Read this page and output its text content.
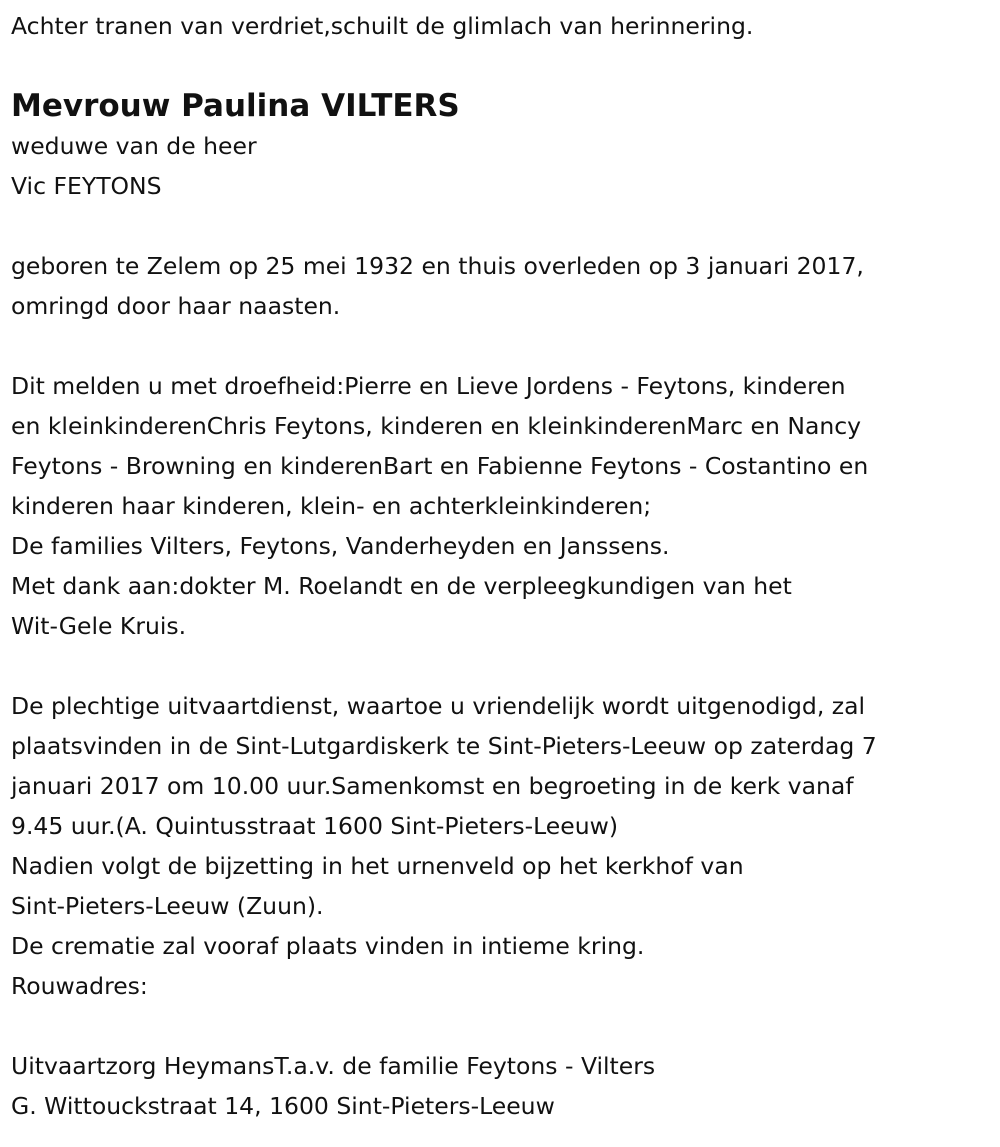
Achter tranen van verdriet,schuilt de glimlach van herinnering.
Mevrouw Paulina VILTERS
weduwe van de heer
Vic FEYTONS
geboren te Zelem op 25 mei 1932 en thuis overleden op 3 januari 2017,
omringd door haar naasten.
Dit melden u met droefheid:Pierre en Lieve Jordens - Feytons, kinderen
en kleinkinderenChris Feytons, kinderen en kleinkinderenMarc en Nancy
Feytons - Browning en kinderenBart en Fabienne Feytons - Costantino en
kinderen haar kinderen, klein- en achterkleinkinderen;
De families Vilters, Feytons, Vanderheyden en Janssens.
Met dank aan:dokter M. Roelandt en de verpleegkundigen van het
Wit-Gele Kruis.
De plechtige uitvaartdienst, waartoe u vriendelijk wordt uitgenodigd, zal
plaatsvinden in de Sint-Lutgardiskerk te Sint-Pieters-Leeuw op zaterdag 7
januari 2017 om 10.00 uur.Samenkomst en begroeting in de kerk vanaf
9.45 uur.(A. Quintusstraat 1600 Sint-Pieters-Leeuw)
Nadien volgt de bijzetting in het urnenveld op het kerkhof van
Sint-Pieters-Leeuw (Zuun).
De crematie zal vooraf plaats vinden in intieme kring.
Rouwadres:
Uitvaartzorg HeymansT.a.v. de familie Feytons - Vilters
G. Wittouckstraat 14, 1600 Sint-Pieters-Leeuw
